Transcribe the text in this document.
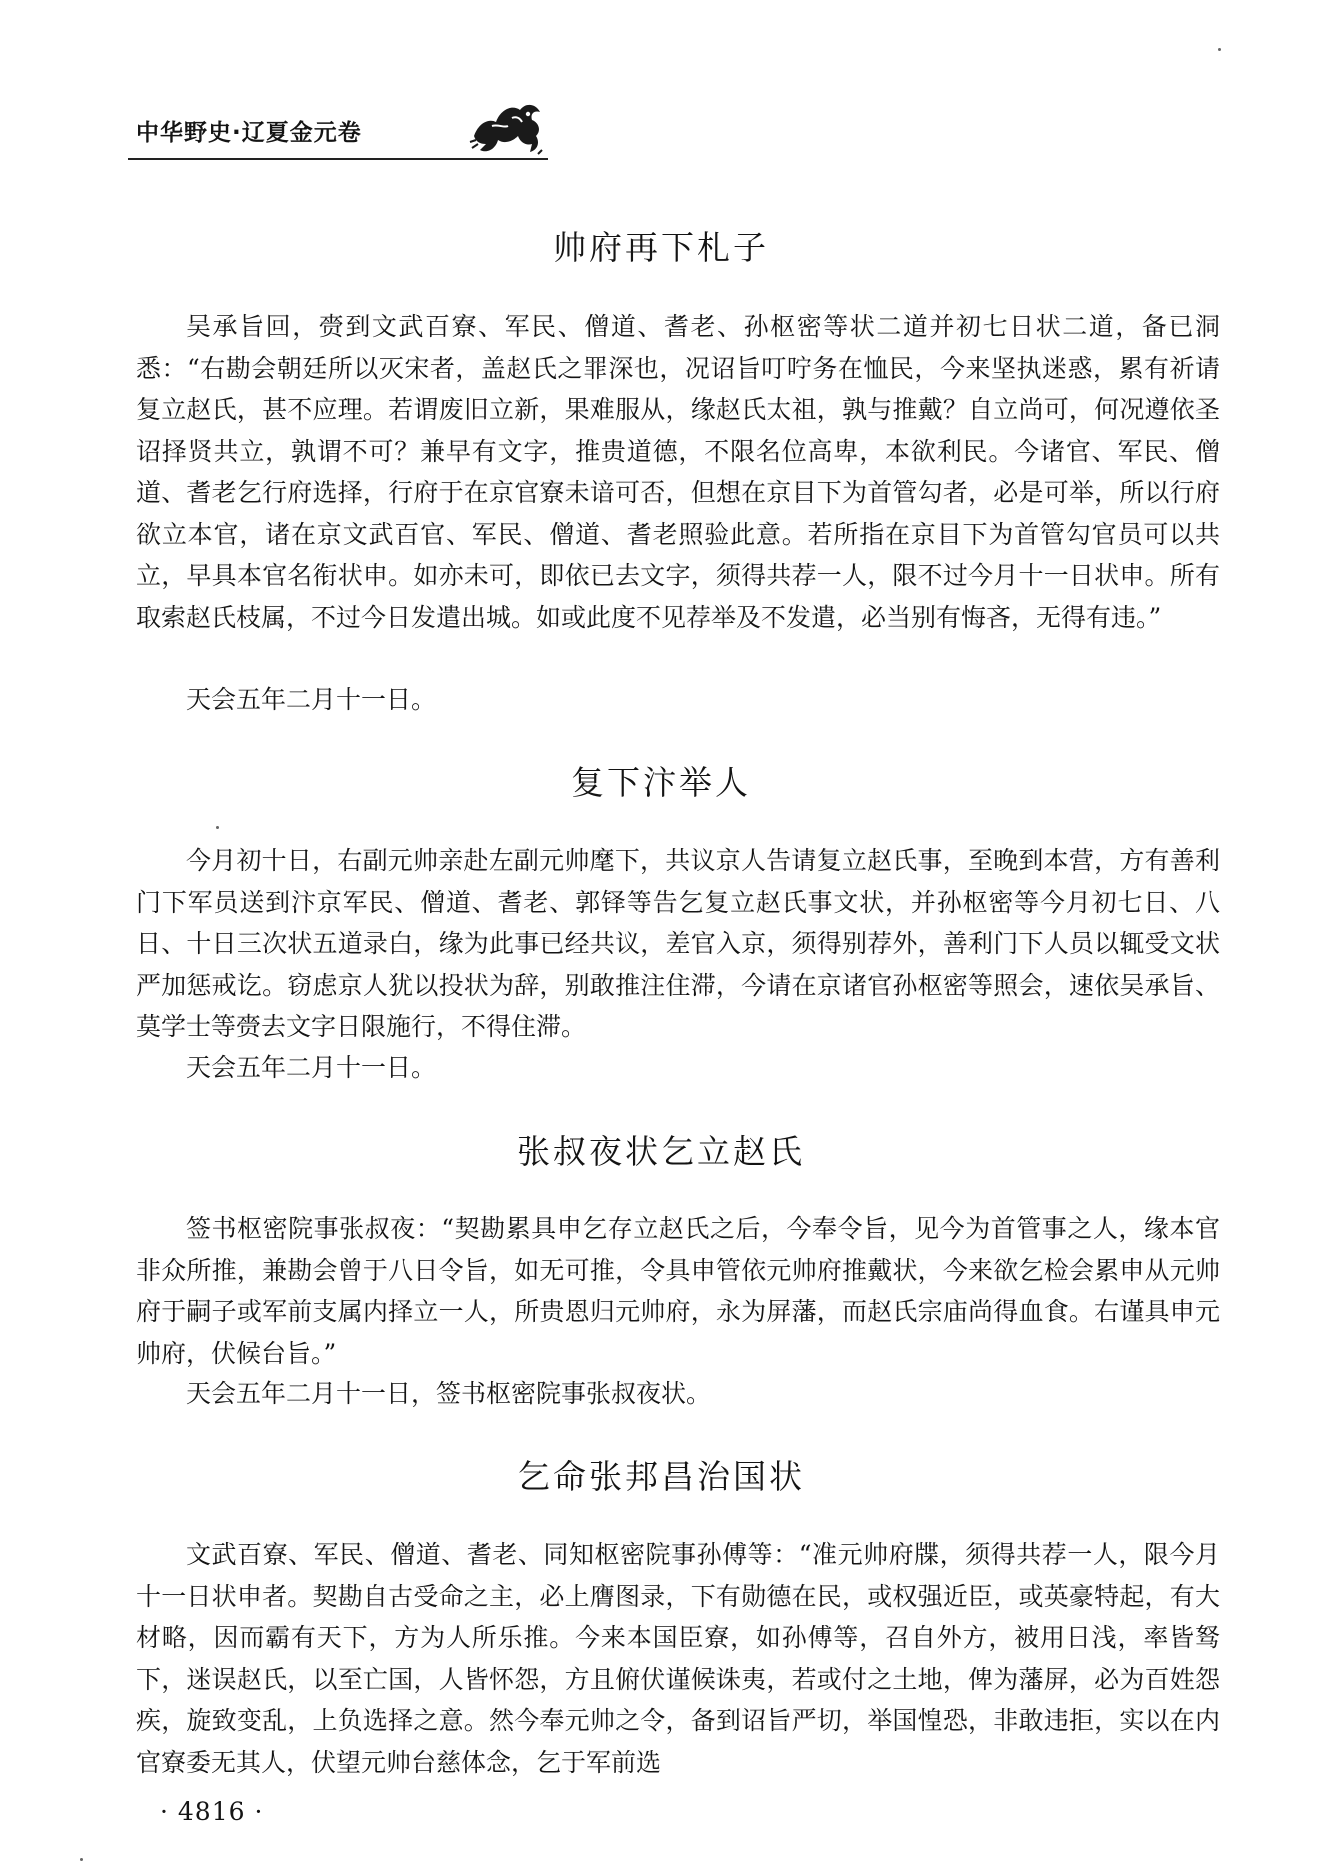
中华野史·辽夏金元卷
帅府再下札子

吴承旨回，赍到文武百寮、军民、僧道、耆老、孙枢密等状二道并初七日状二道，备已洞悉：“右勘会朝廷所以灭宋者，盖赵氏之罪深也，况诏旨叮咛务在恤民，今来坚执迷惑，累有祈请复立赵氏，甚不应理。若谓废旧立新，果难服从，缘赵氏太祖，孰与推戴？自立尚可，何况遵依圣诏择贤共立，孰谓不可？兼早有文字，推贵道德，不限名位高卑，本欲利民。今诸官、军民、僧道、耆老乞行府选择，行府于在京官寮未谙可否，但想在京目下为首管勾者，必是可举，所以行府欲立本官，诸在京文武百官、军民、僧道、耆老照验此意。若所指在京目下为首管勾官员可以共立，早具本官名衔状申。如亦未可，即依已去文字，须得共荐一人，限不过今月十一日状申。所有取索赵氏枝属，不过今日发遣出城。如或此度不见荐举及不发遣，必当别有悔吝，无得有违。”

天会五年二月十一日。

复下汴举人

今月初十日，右副元帅亲赴左副元帅麾下，共议京人告请复立赵氏事，至晚到本营，方有善利门下军员送到汴京军民、僧道、耆老、郭铎等告乞复立赵氏事文状，并孙枢密等今月初七日、八日、十日三次状五道录白，缘为此事已经共议，差官入京，须得别荐外，善利门下人员以辄受文状严加惩戒讫。窃虑京人犹以投状为辞，别敢推注住滞，今请在京诸官孙枢密等照会，速依吴承旨、莫学士等赍去文字日限施行，不得住滞。

天会五年二月十一日。

张叔夜状乞立赵氏

签书枢密院事张叔夜：“契勘累具申乞存立赵氏之后，今奉令旨，见今为首管事之人，缘本官非众所推，兼勘会曾于八日令旨，如无可推，令具申管依元帅府推戴状，今来欲乞检会累申从元帅府于嗣子或军前支属内择立一人，所贵恩归元帅府，永为屏藩，而赵氏宗庙尚得血食。右谨具申元帅府，伏候台旨。”

天会五年二月十一日，签书枢密院事张叔夜状。

乞命张邦昌治国状

文武百寮、军民、僧道、耆老、同知枢密院事孙傅等：“准元帅府牒，须得共荐一人，限今月十一日状申者。契勘自古受命之主，必上膺图录，下有勋德在民，或权强近臣，或英豪特起，有大材略，因而霸有天下，方为人所乐推。今来本国臣寮，如孙傅等，召自外方，被用日浅，率皆驽下，迷误赵氏，以至亡国，人皆怀怨，方且俯伏谨候诛夷，若或付之土地，俾为藩屏，必为百姓怨疾，旋致变乱，上负选择之意。然今奉元帅之令，备到诏旨严切，举国惶恐，非敢违拒，实以在内官寮委无其人，伏望元帅台慈体念，乞于军前选

· 4816 ·
